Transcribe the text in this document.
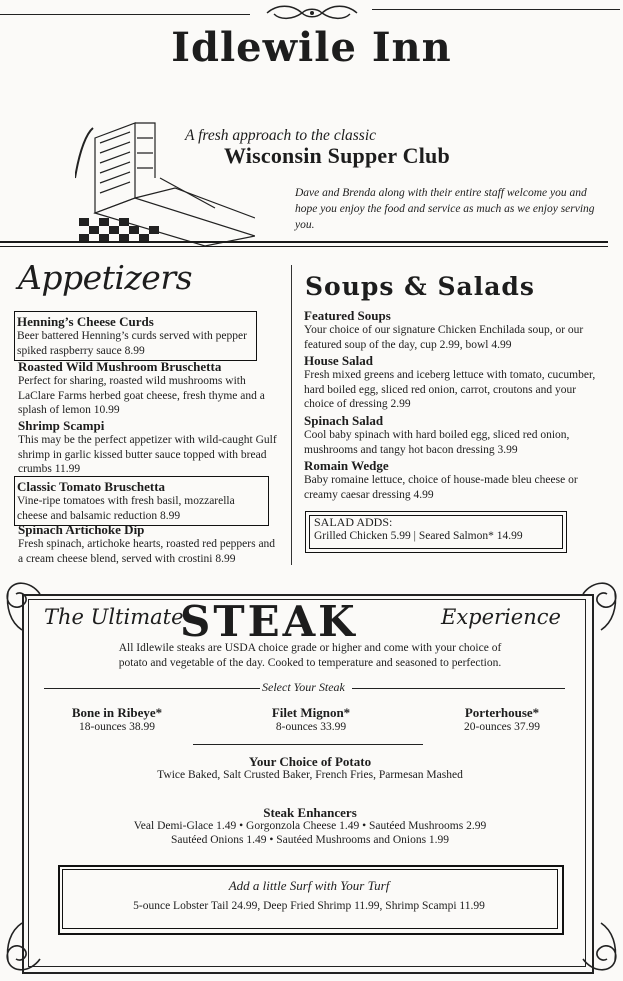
Idlewile Inn
A fresh approach to the classic
Wisconsin Supper Club
Dave and Brenda along with their entire staff welcome you and hope you enjoy the food and service as much as we enjoy serving you.
Appetizers
Henning’s Cheese Curds
Beer battered Henning’s curds served with pepper spiked raspberry sauce 8.99
Roasted Wild Mushroom Bruschetta
Perfect for sharing, roasted wild mushrooms with LaClare Farms herbed goat cheese, fresh thyme and a splash of lemon 10.99
Shrimp Scampi
This may be the perfect appetizer with wild-caught Gulf shrimp in garlic kissed butter sauce topped with bread crumbs 11.99
Classic Tomato Bruschetta
Vine-ripe tomatoes with fresh basil, mozzarella cheese and balsamic reduction 8.99
Spinach Artichoke Dip
Fresh spinach, artichoke hearts, roasted red peppers and a cream cheese blend, served with crostini 8.99
Soups & Salads
Featured Soups
Your choice of our signature Chicken Enchilada soup, or our featured soup of the day, cup 2.99, bowl 4.99
House Salad
Fresh mixed greens and iceberg lettuce with tomato, cucumber, hard boiled egg, sliced red onion, carrot, croutons and your choice of dressing 2.99
Spinach Salad
Cool baby spinach with hard boiled egg, sliced red onion, mushrooms and tangy hot bacon dressing 3.99
Romain Wedge
Baby romaine lettuce, choice of house-made bleu cheese or creamy caesar dressing 4.99
SALAD ADDS:
Grilled Chicken 5.99 | Seared Salmon* 14.99
The Ultimate
STEAK	Experience
All Idlewile steaks are USDA choice grade or higher and come with your choice of
potato and vegetable of the day. Cooked to temperature and seasoned to perfection.
Select Your Steak
Bone in Ribeye*
18-ounces 38.99
Filet Mignon*
8-ounces 33.99
Porterhouse*
20-ounces 37.99
Your Choice of Potato
Twice Baked, Salt Crusted Baker, French Fries, Parmesan Mashed
Steak Enhancers
Veal Demi-Glace 1.49 • Gorgonzola Cheese 1.49 • Sautéed Mushrooms 2.99
Sautéed Onions 1.49 • Sautéed Mushrooms and Onions 1.99
Add a little Surf with Your Turf
5-ounce Lobster Tail 24.99, Deep Fried Shrimp 11.99, Shrimp Scampi 11.99
